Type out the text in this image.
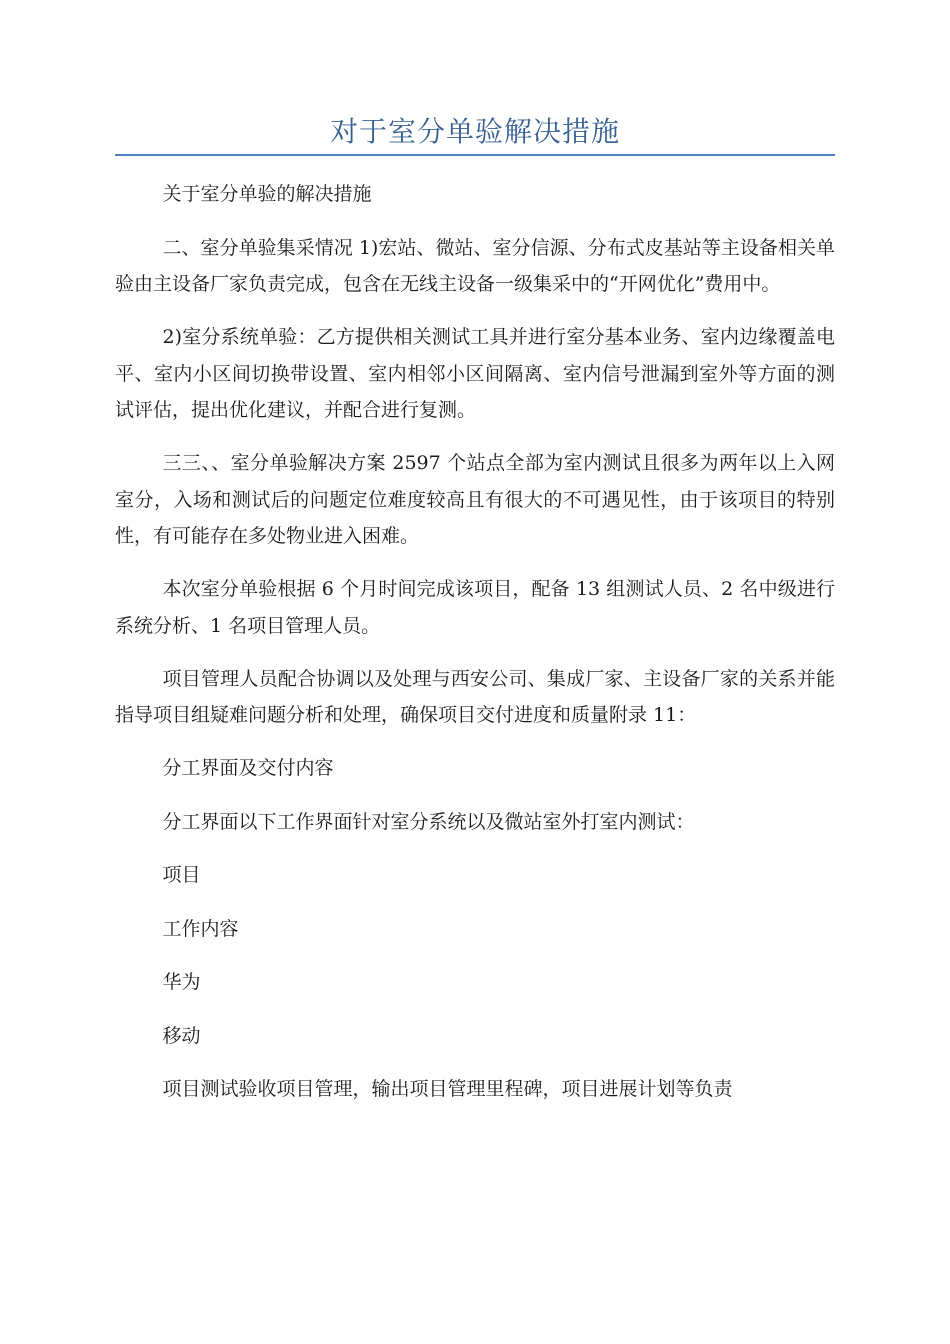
对于室分单验解决措施

关于室分单验的解决措施

二、室分单验集采情况 1)宏站、微站、室分信源、分布式皮基站等主设备相关单验由主设备厂家负责完成，包含在无线主设备一级集采中的“开网优化”费用中。

2)室分系统单验：乙方提供相关测试工具并进行室分基本业务、室内边缘覆盖电平、室内小区间切换带设置、室内相邻小区间隔离、室内信号泄漏到室外等方面的测试评估，提出优化建议，并配合进行复测。

三三、、室分单验解决方案 2597 个站点全部为室内测试且很多为两年以上入网室分，入场和测试后的问题定位难度较高且有很大的不可遇见性，由于该项目的特别性，有可能存在多处物业进入困难。

本次室分单验根据 6 个月时间完成该项目，配备 13 组测试人员、2 名中级进行系统分析、1 名项目管理人员。

项目管理人员配合协调以及处理与西安公司、集成厂家、主设备厂家的关系并能指导项目组疑难问题分析和处理，确保项目交付进度和质量附录 11：

分工界面及交付内容

分工界面以下工作界面针对室分系统以及微站室外打室内测试：

项目

工作内容

华为

移动

项目测试验收项目管理，输出项目管理里程碑，项目进展计划等负责
